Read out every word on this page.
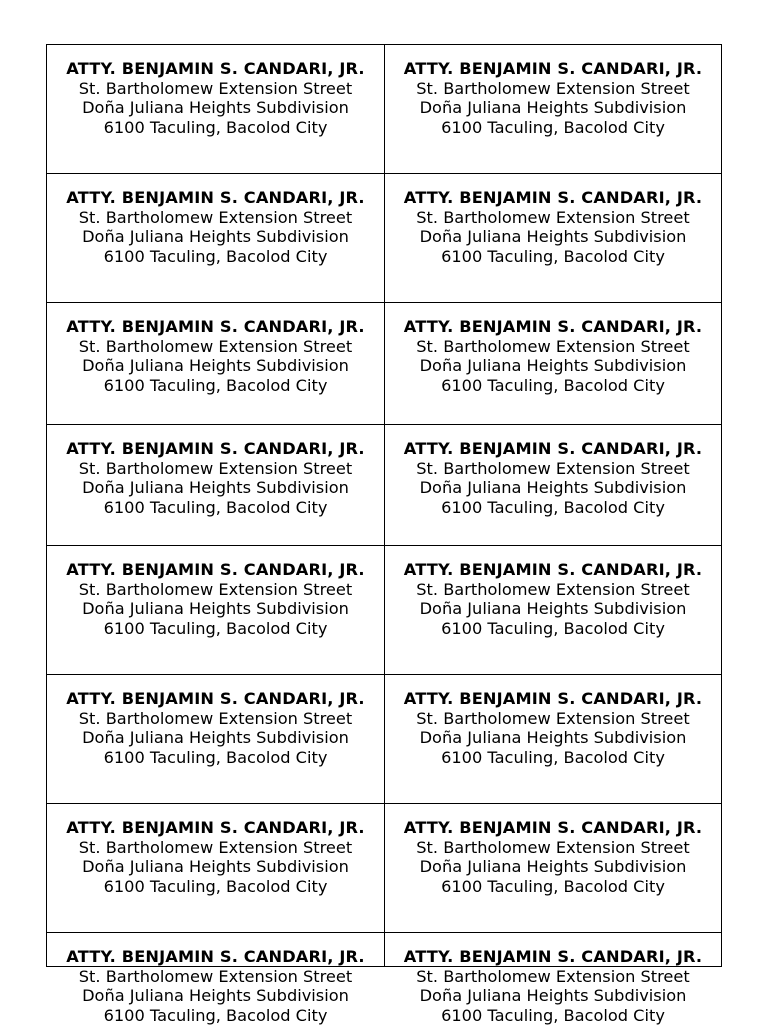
ATTY. BENJAMIN S. CANDARI, JR.
St. Bartholomew Extension Street
Doña Juliana Heights Subdivision
6100 Taculing, Bacolod City
ATTY. BENJAMIN S. CANDARI, JR.
St. Bartholomew Extension Street
Doña Juliana Heights Subdivision
6100 Taculing, Bacolod City
ATTY. BENJAMIN S. CANDARI, JR.
St. Bartholomew Extension Street
Doña Juliana Heights Subdivision
6100 Taculing, Bacolod City
ATTY. BENJAMIN S. CANDARI, JR.
St. Bartholomew Extension Street
Doña Juliana Heights Subdivision
6100 Taculing, Bacolod City
ATTY. BENJAMIN S. CANDARI, JR.
St. Bartholomew Extension Street
Doña Juliana Heights Subdivision
6100 Taculing, Bacolod City
ATTY. BENJAMIN S. CANDARI, JR.
St. Bartholomew Extension Street
Doña Juliana Heights Subdivision
6100 Taculing, Bacolod City
ATTY. BENJAMIN S. CANDARI, JR.
St. Bartholomew Extension Street
Doña Juliana Heights Subdivision
6100 Taculing, Bacolod City
ATTY. BENJAMIN S. CANDARI, JR.
St. Bartholomew Extension Street
Doña Juliana Heights Subdivision
6100 Taculing, Bacolod City
ATTY. BENJAMIN S. CANDARI, JR.
St. Bartholomew Extension Street
Doña Juliana Heights Subdivision
6100 Taculing, Bacolod City
ATTY. BENJAMIN S. CANDARI, JR.
St. Bartholomew Extension Street
Doña Juliana Heights Subdivision
6100 Taculing, Bacolod City
ATTY. BENJAMIN S. CANDARI, JR.
St. Bartholomew Extension Street
Doña Juliana Heights Subdivision
6100 Taculing, Bacolod City
ATTY. BENJAMIN S. CANDARI, JR.
St. Bartholomew Extension Street
Doña Juliana Heights Subdivision
6100 Taculing, Bacolod City
ATTY. BENJAMIN S. CANDARI, JR.
St. Bartholomew Extension Street
Doña Juliana Heights Subdivision
6100 Taculing, Bacolod City
ATTY. BENJAMIN S. CANDARI, JR.
St. Bartholomew Extension Street
Doña Juliana Heights Subdivision
6100 Taculing, Bacolod City
ATTY. BENJAMIN S. CANDARI, JR.
St. Bartholomew Extension Street
Doña Juliana Heights Subdivision
6100 Taculing, Bacolod City
ATTY. BENJAMIN S. CANDARI, JR.
St. Bartholomew Extension Street
Doña Juliana Heights Subdivision
6100 Taculing, Bacolod City
